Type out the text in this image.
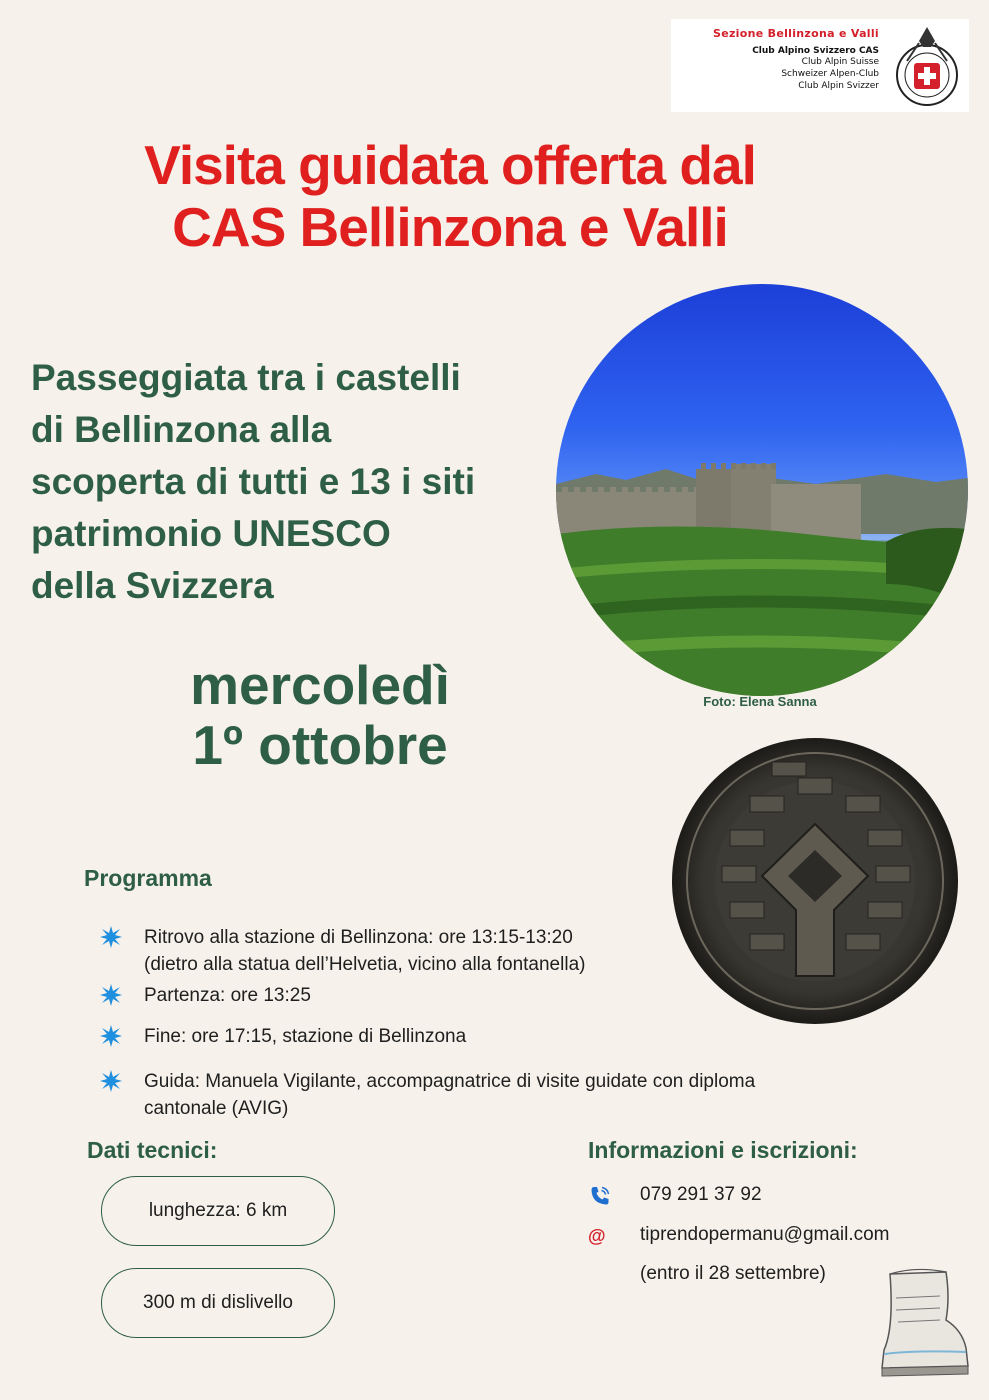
Sezione Bellinzona e Valli
Club Alpino Svizzero CAS
Club Alpin Suisse
Schweizer Alpen-Club
Club Alpin Svizzer
Visita guidata offerta dal
CAS Bellinzona e Valli
Passeggiata tra i castelli
di Bellinzona alla
scoperta di tutti e 13 i siti
patrimonio UNESCO
della Svizzera
Foto: Elena Sanna
mercoledì
1º ottobre
Programma
Ritrovo alla stazione di Bellinzona: ore 13:15-13:20
(dietro alla statua dell’Helvetia, vicino alla fontanella)
Partenza: ore 13:25
Fine: ore 17:15, stazione di Bellinzona
Guida: Manuela Vigilante, accompagnatrice di visite guidate con diploma
cantonale (AVIG)
Dati tecnici:
lunghezza: 6 km
300 m di dislivello
Informazioni e iscrizioni:
079 291 37 92
@	tiprendopermanu@gmail.com
(entro il 28 settembre)
